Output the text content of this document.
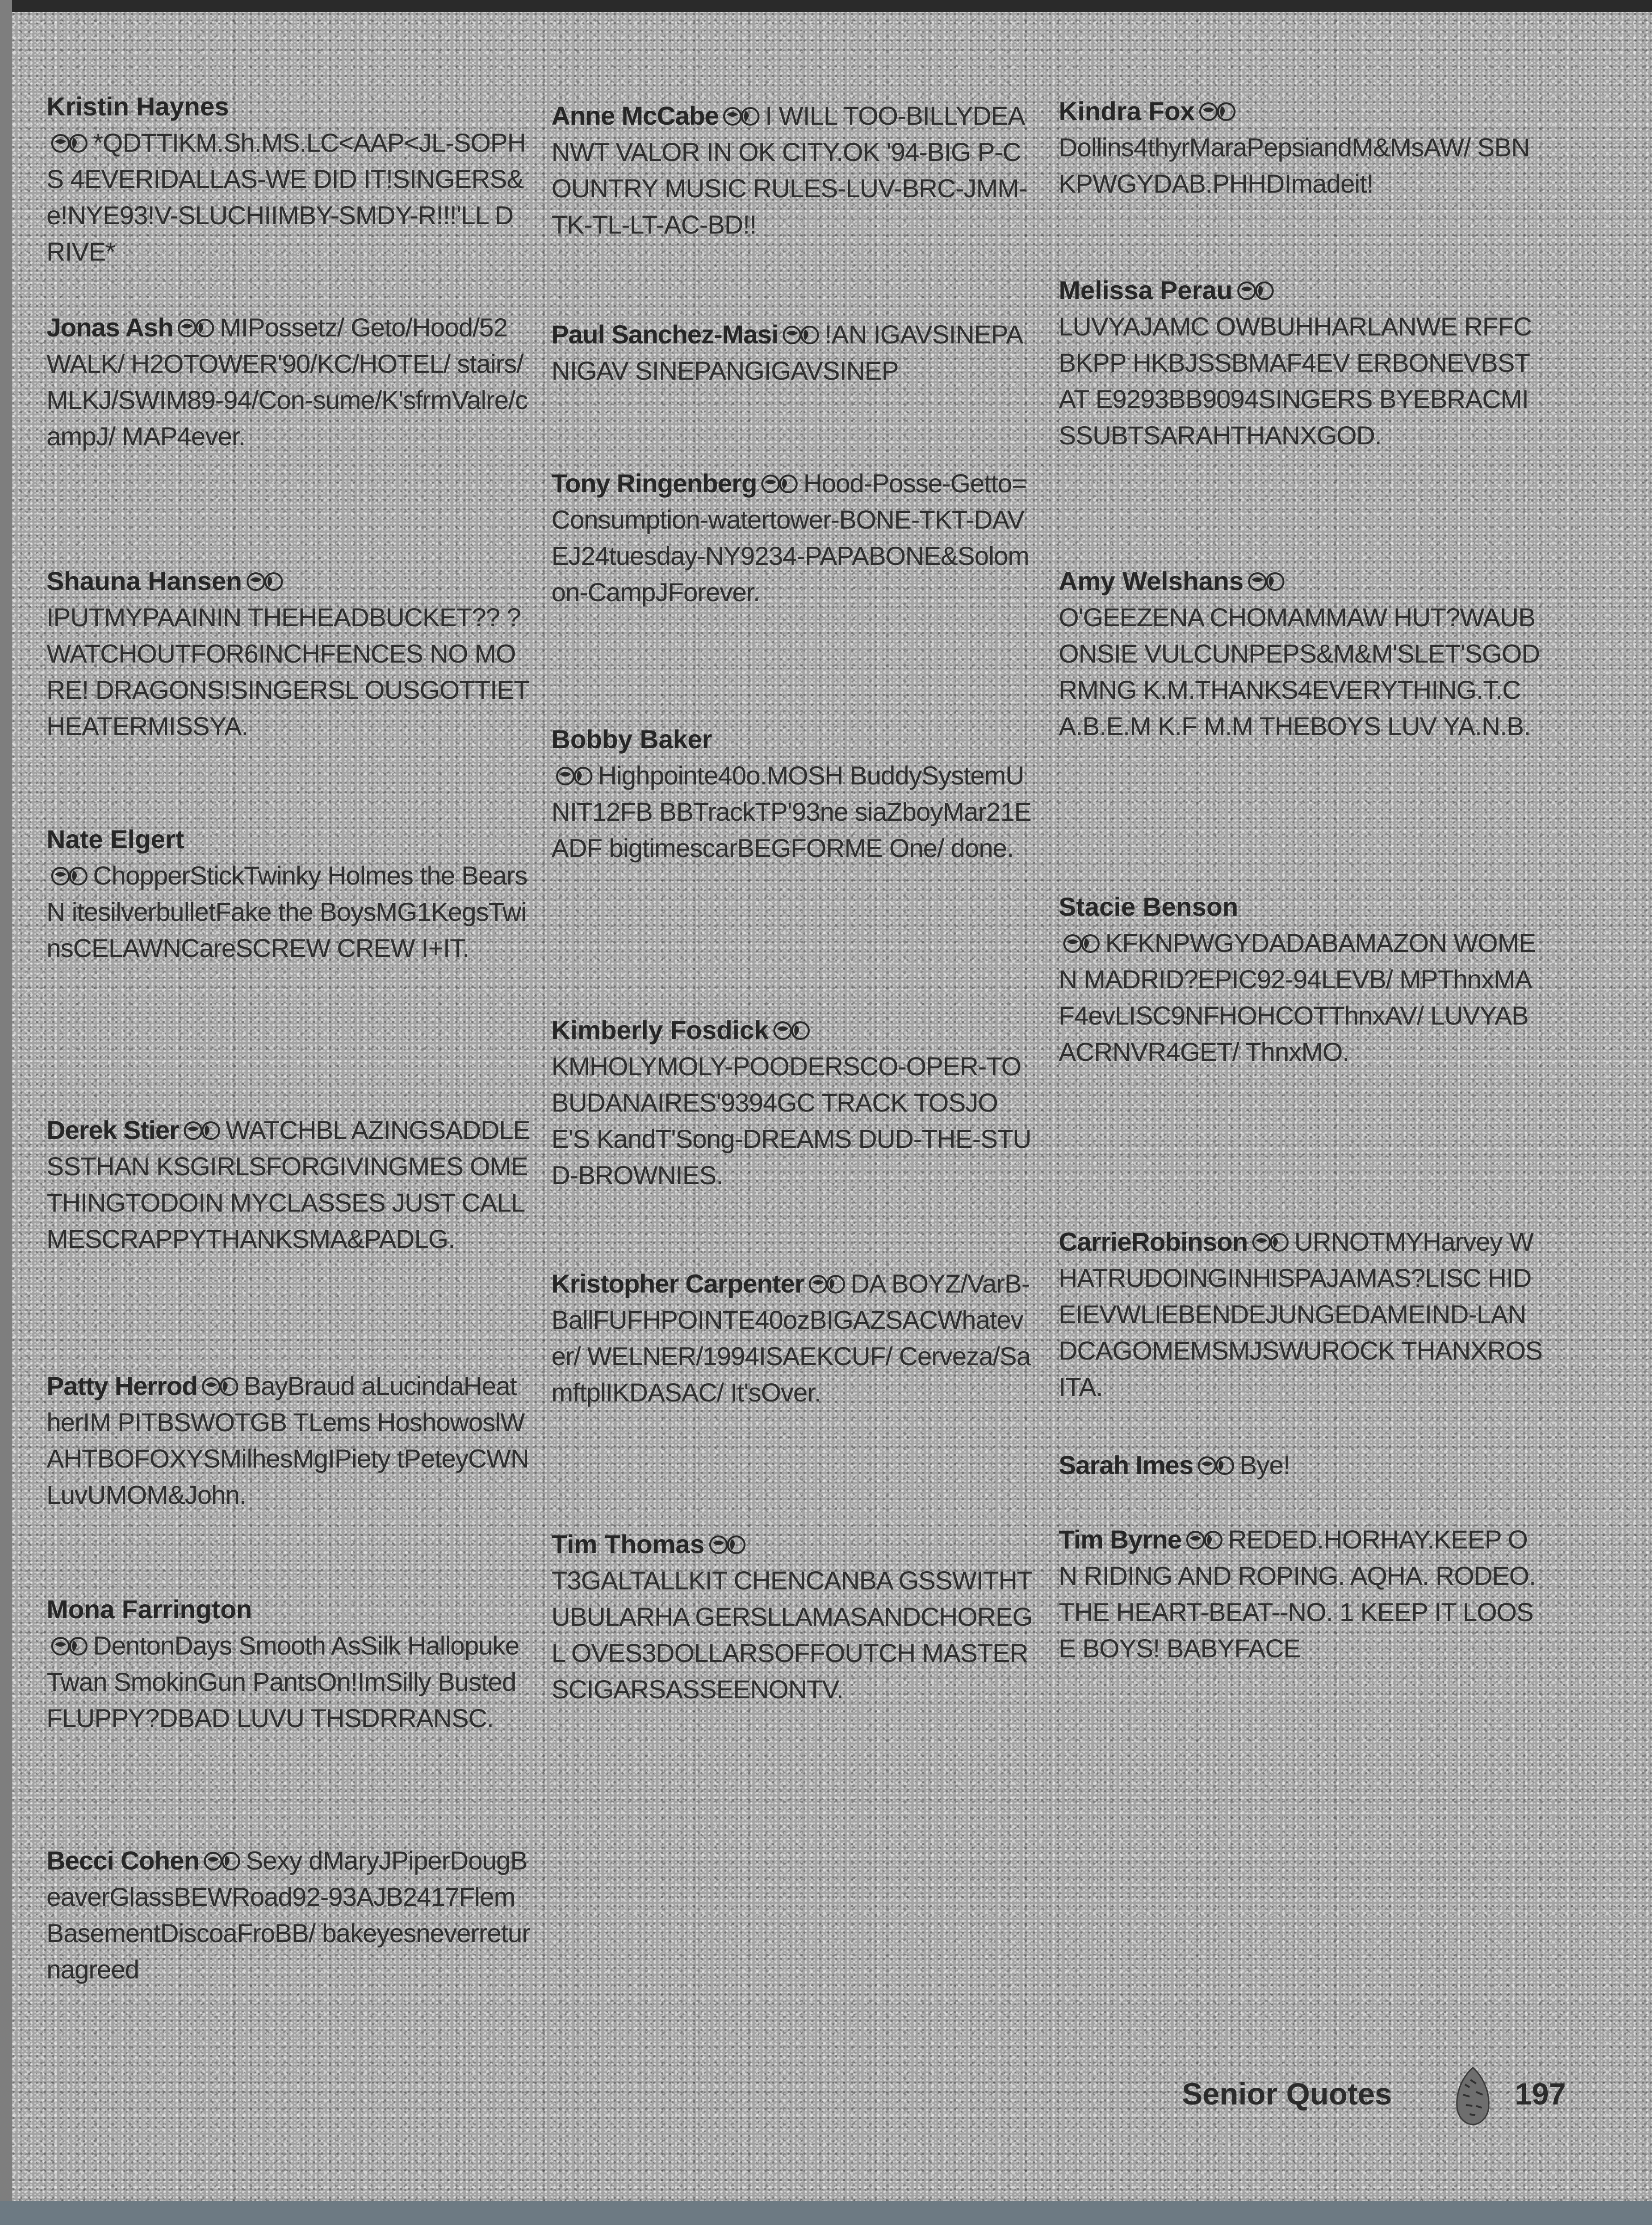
Kristin Haynes
*QDTTIKM.Sh.MS.LC<AAP<JL-SOPHS 4EVERIDALLAS-WE DID IT!SINGERS&e!NYE93!V-SLUCHIIMBY-SMDY-R!!!'LL DRIVE*
Jonas Ash MIPossetz/ Geto/Hood/52WALK/ H2OTOWER'90/KC/HOTEL/ stairs/MLKJ/SWIM89-94/Con-sume/K'sfrmValre/campJ/ MAP4ever.
Shauna Hansen
IPUTMYPAAININ THEHEADBUCKET?? ?WATCHOUTFOR6INCHFENCES NO MORE! DRAGONS!SINGERSL OUSGOTTIETHEATERMISSYA.
Nate Elgert
ChopperStickTwinky Holmes the BearsN itesilverbulletFake the BoysMG1KegsTwinsCELAWNCareSCREW CREW I+IT.
Derek Stier WATCHBL AZINGSADDLESSTHAN KSGIRLSFORGIVINGMES OMETHINGTODOIN MYCLASSES JUST CALL MESCRAPPYTHANKSMA&PADLG.
Patty Herrod BayBraud aLucindaHeatherIM PITBSWOTGB TLems HoshowoslWAHTBOFOXYSMilhesMgIPiety tPeteyCWNLuvUMOM&John.
Mona Farrington
DentonDays Smooth AsSilk Hallopuke Twan SmokinGun PantsOn!ImSilly Busted FLUPPY?DBAD LUVU THSDRRANSC.
Becci Cohen Sexy dMaryJPiperDougBeaverGlassBEWRoad92-93AJB2417FlemBasementDiscoaFroBB/ bakeyesneverreturnagreed
Anne McCabe I WILL TOO-BILLYDEANWT VALOR IN OK CITY.OK '94-BIG P-COUNTRY MUSIC RULES-LUV-BRC-JMM-TK-TL-LT-AC-BD!!
Paul Sanchez-Masi !AN IGAVSINEPANIGAV SINEPANGIGAVSINEP
Tony Ringenberg Hood-Posse-Getto=Consumption-watertower-BONE-TKT-DAVEJ24tuesday-NY9234-PAPABONE&Solomon-CampJForever.
Bobby Baker
Highpointe40o.MOSH BuddySystemUNIT12FB BBTrackTP'93ne siaZboyMar21EADF bigtimescarBEGFORME One/ done.
Kimberly Fosdick
KMHOLYMOLY-POODERSCO-OPER-TOBUDANAIRES'9394GC TRACK TOSJOE'S KandT'Song-DREAMS DUD-THE-STUD-BROWNIES.
Kristopher Carpenter DA BOYZ/VarB-BallFUFHPOINTE40ozBIGAZSACWhatever/ WELNER/1994ISAEKCUF/ Cerveza/SamftplIKDASAC/ It'sOver.
Tim Thomas
T3GALTALLKIT CHENCANBA GSSWITHTUBULARHA GERSLLAMASANDCHOREGL OVES3DOLLARSOFFOUTCH MASTERSCIGARSASSEENONTV.
Kindra Fox
Dollins4thyrMaraPepsiandM&MsAW/ SBNKPWGYDAB.PHHDImadeit!
Melissa Perau
LUVYAJAMC OWBUHHARLANWE RFFCBKPP HKBJSSBMAF4EV ERBONEVBSTAT E9293BB9094SINGERS BYEBRACMISSUBTSARAHTHANXGOD.
Amy Welshans
O'GEEZENA CHOMAMMAW HUT?WAUBONSIE VULCUNPEPS&M&M'SLET'SGODRMNG K.M.THANKS4EVERYTHING.T.C A.B.E.M K.F M.M THEBOYS LUV YA.N.B.
Stacie Benson
KFKNPWGYDADABAMAZON WOMEN MADRID?EPIC92-94LEVB/ MPThnxMAF4evLISC9NFHOHCOTThnxAV/ LUVYABACRNVR4GET/ ThnxMO.
CarrieRobinson URNOTMYHarvey WHATRUDOINGINHISPAJAMAS?LISC HIDEIEVWLIEBENDEJUNGEDAMEIND-LANDCAGOMEMSMJSWUROCK THANXROSITA.
Sarah Imes Bye!
Tim Byrne REDED.HORHAY.KEEP ON RIDING AND ROPING. AQHA. RODEO.THE HEART-BEAT--NO. 1 KEEP IT LOOSE BOYS! BABYFACE
Senior Quotes	197
